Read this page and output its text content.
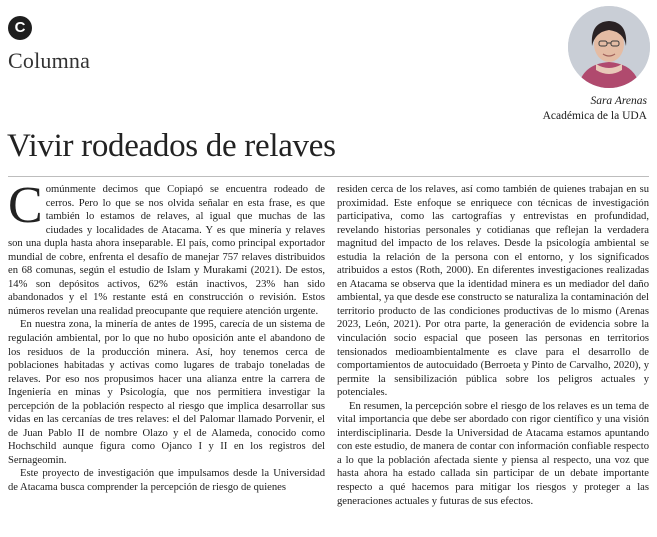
C
Columna
Sara Arenas
Académica de la UDA
Vivir rodeados de relaves

Comúnmente decimos que Copiapó se encuentra rodeado de cerros. Pero lo que se nos olvida señalar en esta frase, es que también lo estamos de relaves, al igual que muchas de las ciudades y localidades de Atacama. Y es que minería y relaves son una dupla hasta ahora inseparable. El país, como principal exportador mundial de cobre, enfrenta el desafío de manejar 757 relaves distribuidos en 68 comunas, según el estudio de Islam y Murakami (2021). De estos, 14% son depósitos activos, 62% están inactivos, 23% han sido abandonados y el 1% restante está en construcción o revisión. Estos números revelan una realidad preocupante que requiere atención urgente.

En nuestra zona, la minería de antes de 1995, carecía de un sistema de regulación ambiental, por lo que no hubo oposición ante el abandono de los residuos de la producción minera. Así, hoy tenemos cerca de poblaciones habitadas y activas como lugares de trabajo toneladas de relaves. Por eso nos propusimos hacer una alianza entre la carrera de Ingeniería en minas y Psicología, que nos permitiera investigar la percepción de la población respecto al riesgo que implica desarrollar sus vidas en las cercanías de tres relaves: el del Palomar llamado Porvenir, el de Juan Pablo II de nombre Olazo y el de Alameda, conocido como Hochschild aunque figura como Ojanco I y II en los registros del Sernageomin.

Este proyecto de investigación que impulsamos desde la Universidad de Atacama busca comprender la percepción de riesgo de quienes

residen cerca de los relaves, así como también de quienes trabajan en su proximidad. Este enfoque se enriquece con técnicas de investigación participativa, como las cartografías y entrevistas en profundidad, revelando historias personales y cotidianas que reflejan la verdadera magnitud del impacto de los relaves. Desde la psicología ambiental se estudia la relación de la persona con el entorno, y los significados atribuidos a estos (Roth, 2000). En diferentes investigaciones realizadas en Atacama se observa que la identidad minera es un mediador del daño ambiental, ya que desde ese constructo se naturaliza la contaminación del territorio producto de las condiciones productivas de lo mismo (Arenas 2023, León, 2021). Por otra parte, la generación de evidencia sobre la vinculación socio espacial que poseen las personas en territorios tensionados medioambientalmente es clave para el desarrollo de comportamientos de autocuidado (Berroeta y Pinto de Carvalho, 2020), y permite la sensibilización pública sobre los peligros actuales y potenciales.

En resumen, la percepción sobre el riesgo de los relaves es un tema de vital importancia que debe ser abordado con rigor científico y una visión interdisciplinaria. Desde la Universidad de Atacama estamos apuntando con este estudio, de manera de contar con información confiable respecto a lo que la población afectada siente y piensa al respecto, una voz que hasta ahora ha estado callada sin participar de un debate importante respecto a qué hacemos para mitigar los riesgos y proteger a las generaciones actuales y futuras de sus efectos.
